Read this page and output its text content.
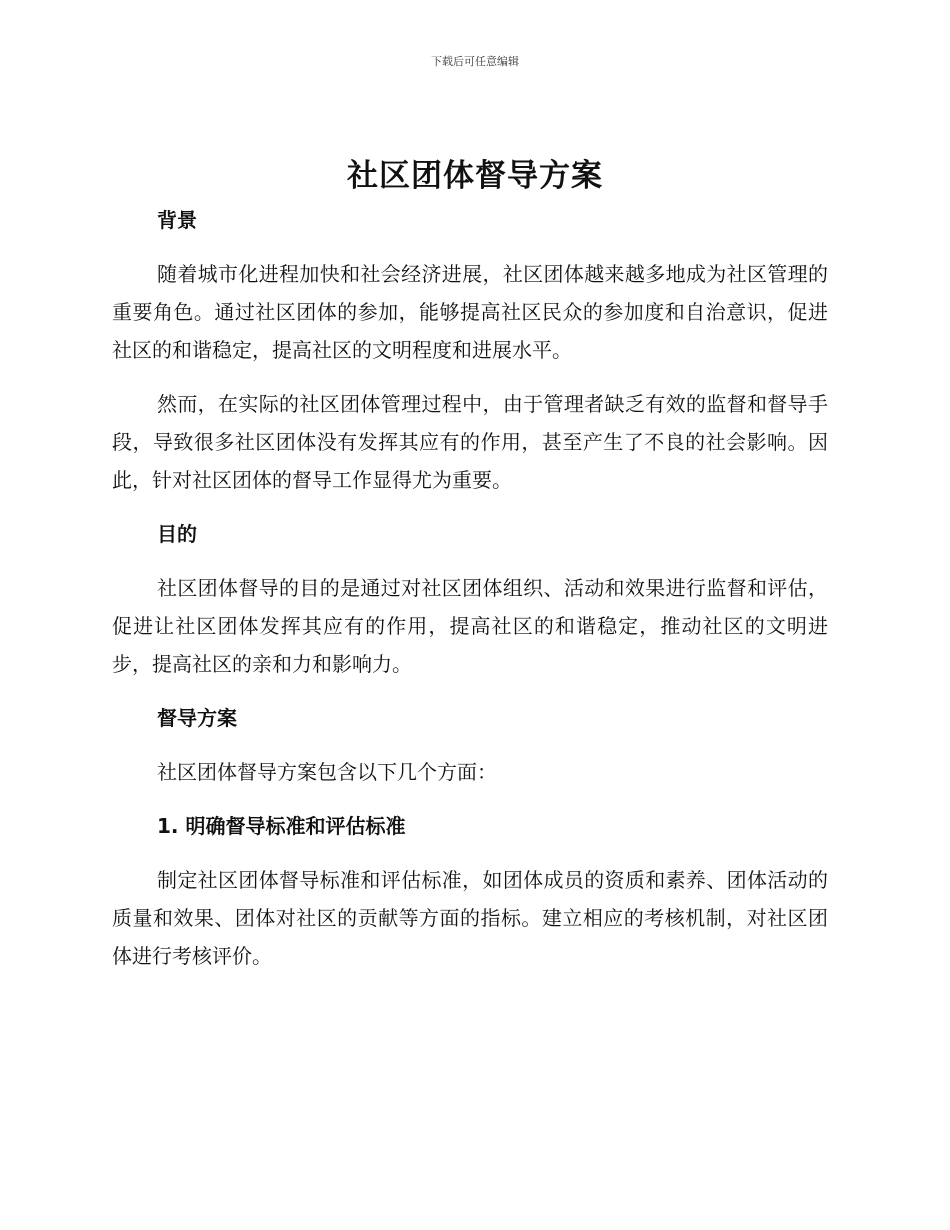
下载后可任意编辑
社区团体督导方案
背景

随着城市化进程加快和社会经济进展，社区团体越来越多地成为社区管理的重要角色。通过社区团体的参加，能够提高社区民众的参加度和自治意识，促进社区的和谐稳定，提高社区的文明程度和进展水平。

然而，在实际的社区团体管理过程中，由于管理者缺乏有效的监督和督导手段，导致很多社区团体没有发挥其应有的作用，甚至产生了不良的社会影响。因此，针对社区团体的督导工作显得尤为重要。

目的

社区团体督导的目的是通过对社区团体组织、活动和效果进行监督和评估，促进让社区团体发挥其应有的作用，提高社区的和谐稳定，推动社区的文明进步，提高社区的亲和力和影响力。

督导方案

社区团体督导方案包含以下几个方面：

1. 明确督导标准和评估标准

制定社区团体督导标准和评估标准，如团体成员的资质和素养、团体活动的质量和效果、团体对社区的贡献等方面的指标。建立相应的考核机制，对社区团体进行考核评价。
